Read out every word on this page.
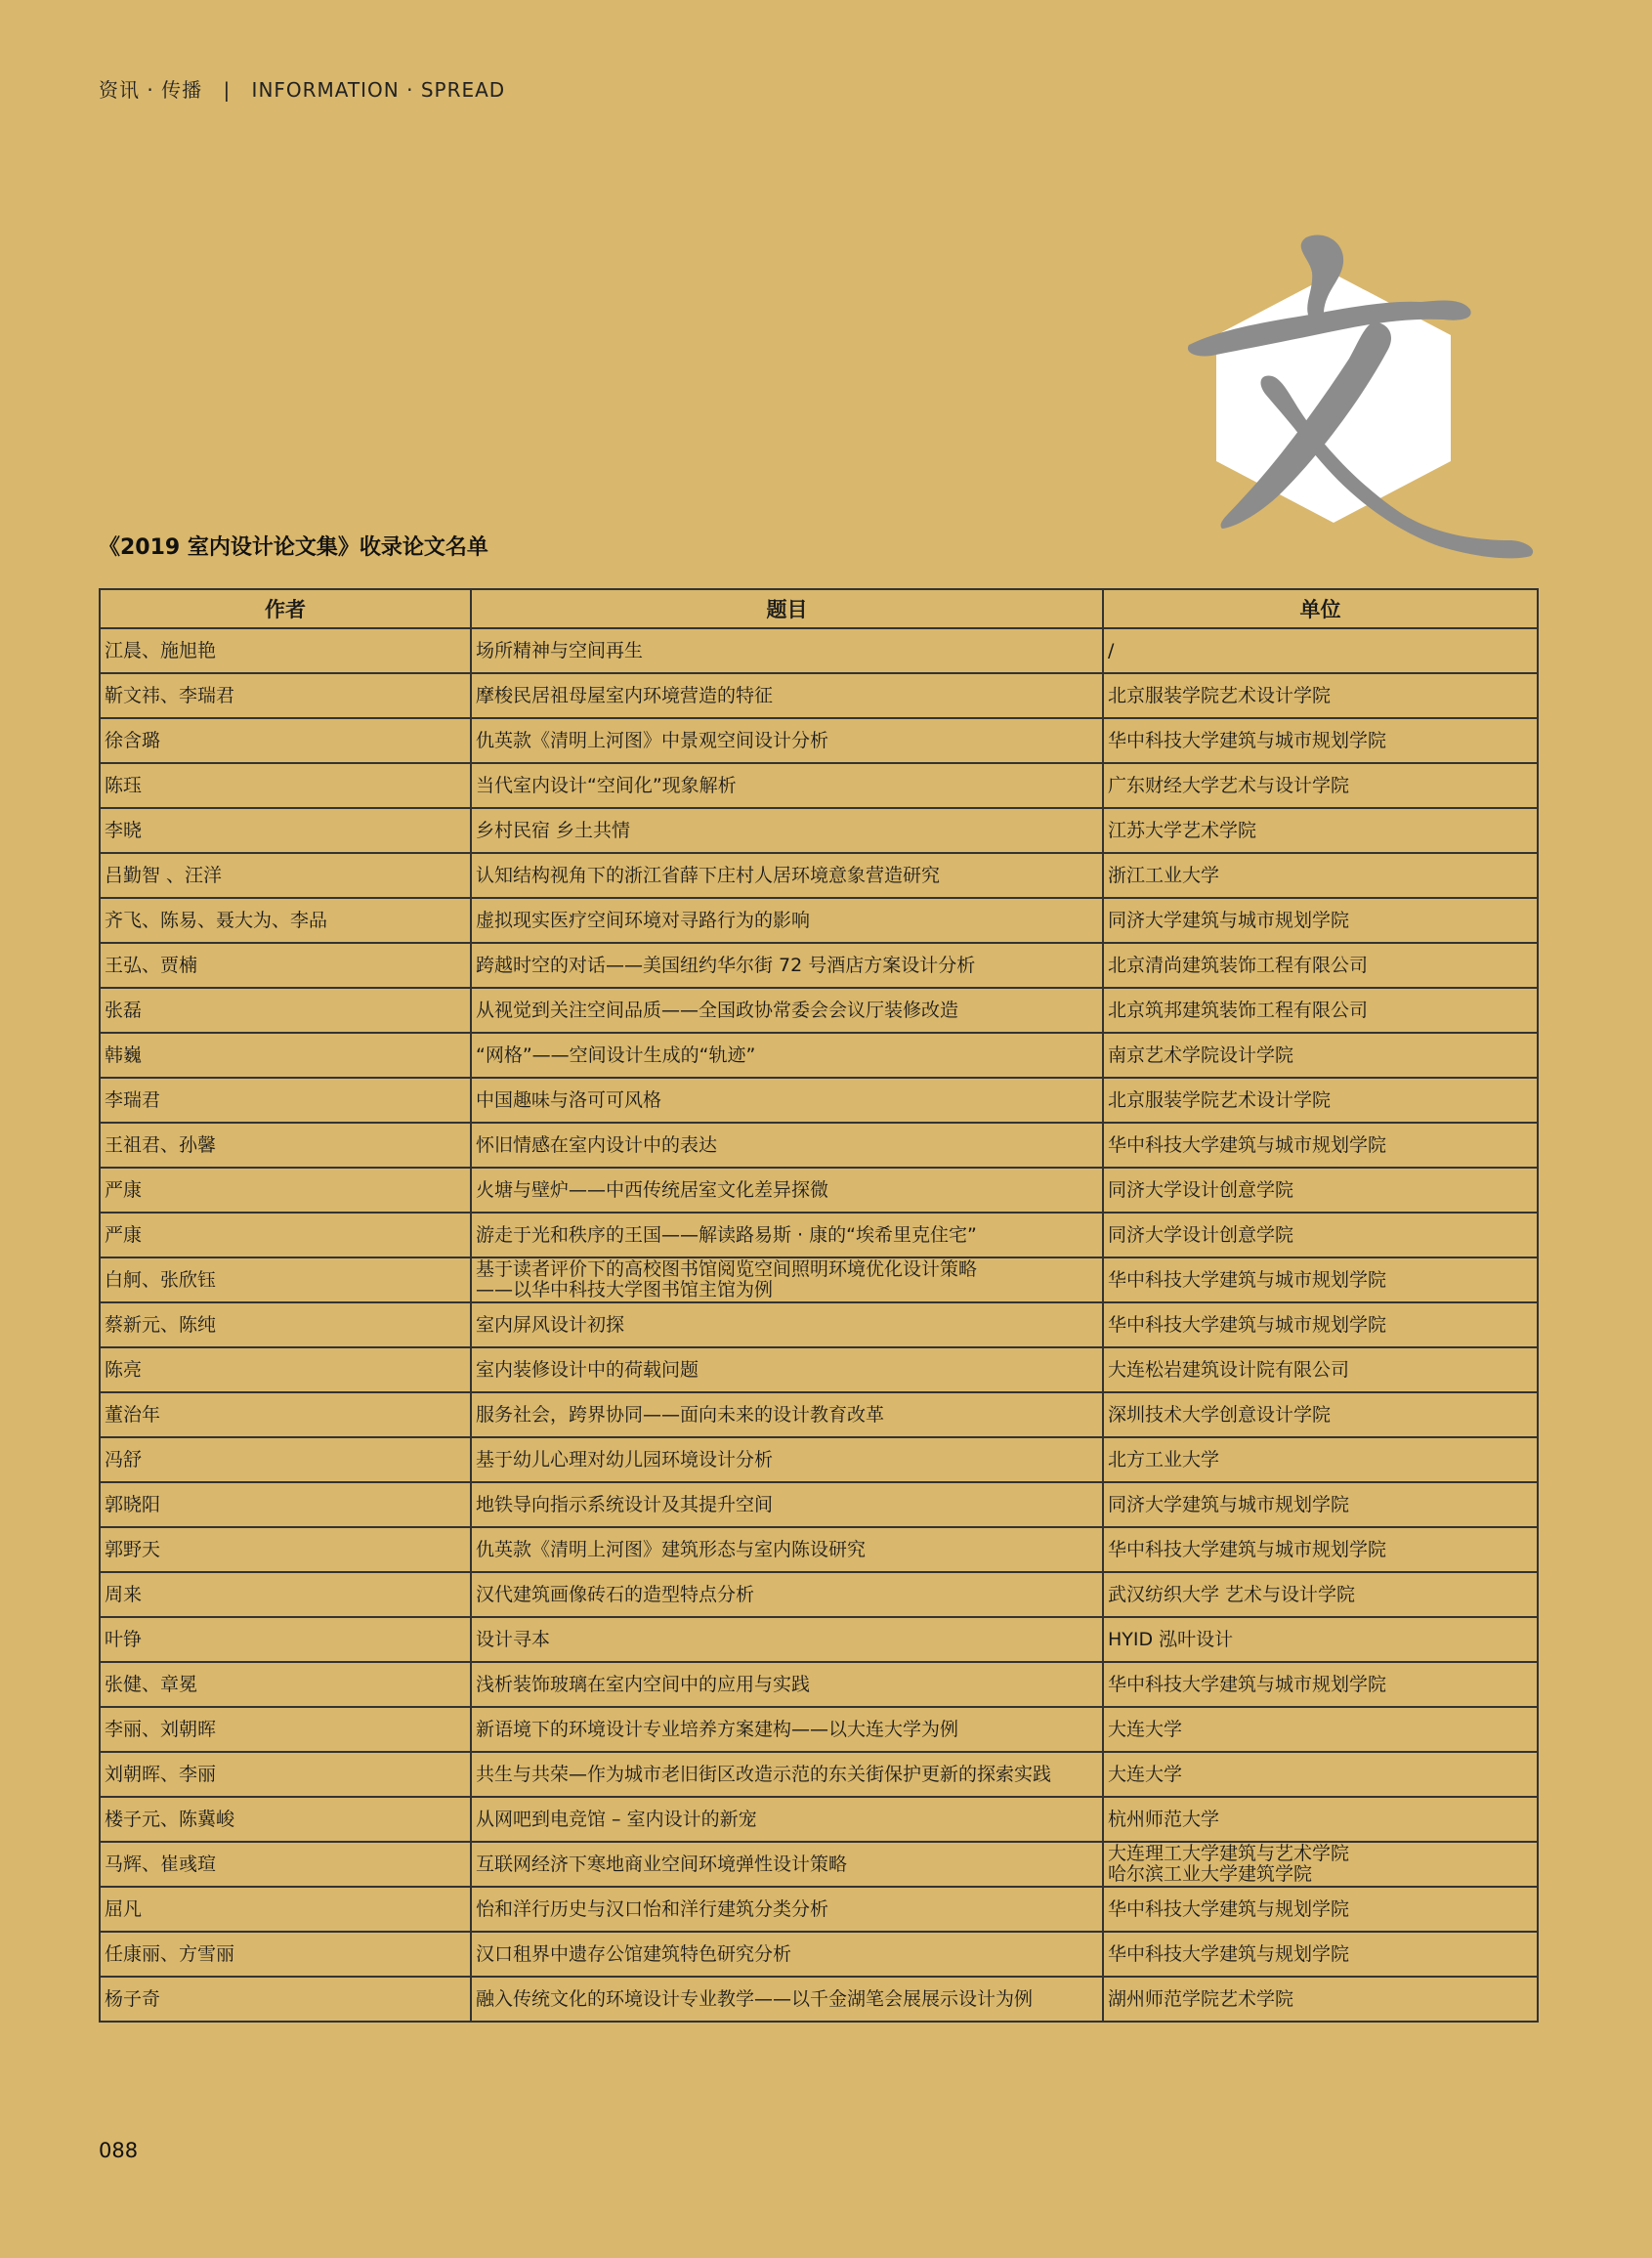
资讯 · 传播 | INFORMATION · SPREAD
《2019 室内设计论文集》收录论文名单
作者	题目	单位
江晨、施旭艳	场所精神与空间再生	/
靳文祎、李瑞君	摩梭民居祖母屋室内环境营造的特征	北京服装学院艺术设计学院
徐含璐	仇英款《清明上河图》中景观空间设计分析	华中科技大学建筑与城市规划学院
陈珏	当代室内设计“空间化”现象解析	广东财经大学艺术与设计学院
李晓	乡村民宿 乡土共情	江苏大学艺术学院
吕勤智 、汪洋	认知结构视角下的浙江省薛下庄村人居环境意象营造研究	浙江工业大学
齐飞、陈易、聂大为、李品	虚拟现实医疗空间环境对寻路行为的影响	同济大学建筑与城市规划学院
王弘、贾楠	跨越时空的对话——美国纽约华尔街 72 号酒店方案设计分析	北京清尚建筑装饰工程有限公司
张磊	从视觉到关注空间品质——全国政协常委会会议厅装修改造	北京筑邦建筑装饰工程有限公司
韩巍	“网格”——空间设计生成的“轨迹”	南京艺术学院设计学院
李瑞君	中国趣味与洛可可风格	北京服装学院艺术设计学院
王祖君、孙馨	怀旧情感在室内设计中的表达	华中科技大学建筑与城市规划学院
严康	火塘与壁炉——中西传统居室文化差异探微	同济大学设计创意学院
严康	游走于光和秩序的王国——解读路易斯 · 康的“埃希里克住宅”	同济大学设计创意学院
白舸、张欣钰	基于读者评价下的高校图书馆阅览空间照明环境优化设计策略
——以华中科技大学图书馆主馆为例	华中科技大学建筑与城市规划学院
蔡新元、陈纯	室内屏风设计初探	华中科技大学建筑与城市规划学院
陈亮	室内装修设计中的荷载问题	大连松岩建筑设计院有限公司
董治年	服务社会，跨界协同——面向未来的设计教育改革	深圳技术大学创意设计学院
冯舒	基于幼儿心理对幼儿园环境设计分析	北方工业大学
郭晓阳	地铁导向指示系统设计及其提升空间	同济大学建筑与城市规划学院
郭野天	仇英款《清明上河图》建筑形态与室内陈设研究	华中科技大学建筑与城市规划学院
周来	汉代建筑画像砖石的造型特点分析	武汉纺织大学 艺术与设计学院
叶铮	设计寻本	HYID 泓叶设计
张健、章冕	浅析装饰玻璃在室内空间中的应用与实践	华中科技大学建筑与城市规划学院
李丽、刘朝晖	新语境下的环境设计专业培养方案建构——以大连大学为例	大连大学
刘朝晖、李丽	共生与共荣—作为城市老旧街区改造示范的东关街保护更新的探索实践	大连大学
楼子元、陈冀峻	从网吧到电竞馆 – 室内设计的新宠	杭州师范大学
马辉、崔彧瑄	互联网经济下寒地商业空间环境弹性设计策略	大连理工大学建筑与艺术学院
哈尔滨工业大学建筑学院
屈凡	怡和洋行历史与汉口怡和洋行建筑分类分析	华中科技大学建筑与规划学院
任康丽、方雪丽	汉口租界中遗存公馆建筑特色研究分析	华中科技大学建筑与规划学院
杨子奇	融入传统文化的环境设计专业教学——以千金湖笔会展展示设计为例	湖州师范学院艺术学院
088
